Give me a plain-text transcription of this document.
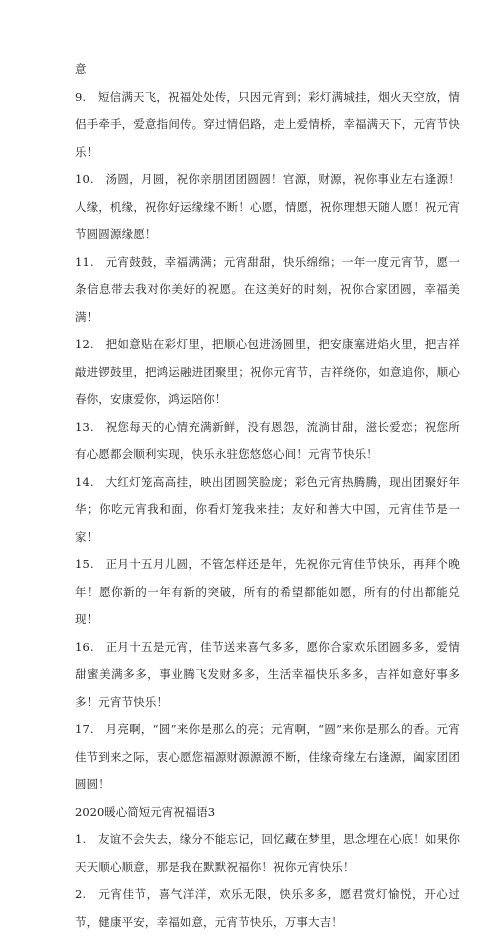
意

9.  短信满天飞，祝福处处传，只因元宵到；彩灯满城挂，烟火天空放，情侣手牵手，爱意指间传。穿过情侣路，走上爱情桥，幸福满天下，元宵节快乐！

10.  汤圆，月圆，祝你亲朋团团圆圆！官源，财源，祝你事业左右逢源！人缘，机缘，祝你好运缘缘不断！心愿，情愿，祝你理想天随人愿！祝元宵节圆圆源缘愿！

11.  元宵鼓鼓，幸福满满；元宵甜甜，快乐绵绵；一年一度元宵节，愿一条信息带去我对你美好的祝愿。在这美好的时刻，祝你合家团圆，幸福美满！

12.  把如意贴在彩灯里，把顺心包进汤圆里，把安康塞进焰火里，把吉祥敲进锣鼓里，把鸿运融进团聚里；祝你元宵节，吉祥绕你，如意追你，顺心春你，安康爱你，鸿运陪你！

13.  祝您每天的心情充满新鲜，没有恩怨，流淌甘甜，滋长爱恋；祝您所有心愿都会顺利实现，快乐永驻您悠悠心间！元宵节快乐！

14.  大红灯笼高高挂，映出团圆笑脸庞；彩色元宵热腾腾，现出团聚好年华；你吃元宵我和面，你看灯笼我来挂；友好和善大中国，元宵佳节是一家！

15.  正月十五月儿圆，不管怎样还是年，先祝你元宵佳节快乐，再拜个晚年！愿你新的一年有新的突破，所有的希望都能如愿，所有的付出都能兑现！

16.  正月十五是元宵，佳节送来喜气多多，愿你合家欢乐团圆多多，爱情甜蜜美满多多，事业腾飞发财多多，生活幸福快乐多多，吉祥如意好事多多！元宵节快乐！

17.  月亮啊，“圆”来你是那么的亮；元宵啊，“圆”来你是那么的香。元宵佳节到来之际，衷心愿您福源财源源源不断，佳缘奇缘左右逢源，阖家团团圆圆！

2020暖心简短元宵祝福语3

1.  友谊不会失去，缘分不能忘记，回忆藏在梦里，思念埋在心底！如果你天天顺心顺意，那是我在默默祝福你！祝你元宵快乐！

2.  元宵佳节，喜气洋洋，欢乐无限，快乐多多，愿君赏灯愉悦，开心过节，健康平安，幸福如意，元宵节快乐，万事大吉！
